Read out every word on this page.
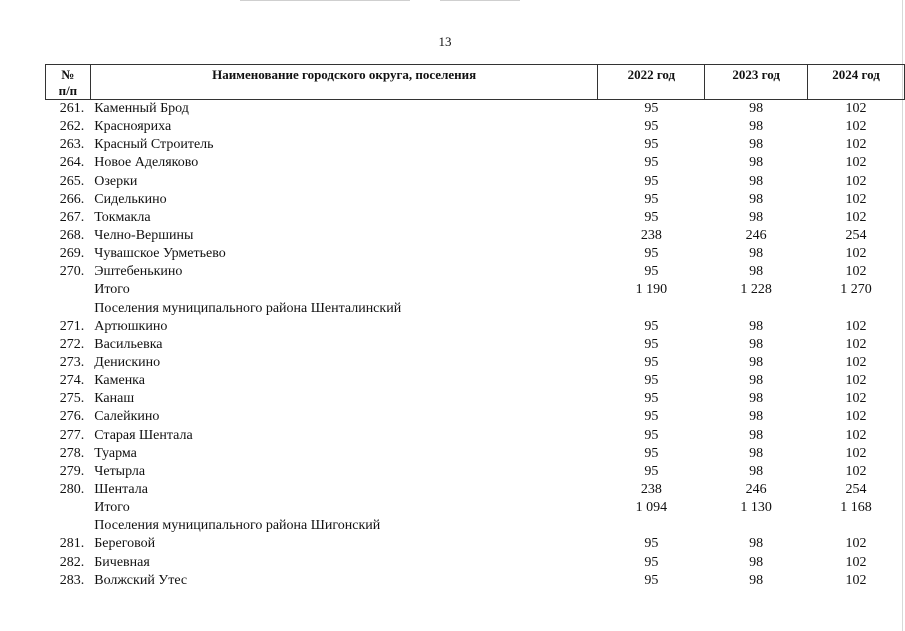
13
№
п/п	Наименование городского округа, поселения	2022 год	2023 год	2024 год
261.	Каменный Брод	95	98	102
262.	Краснояриха	95	98	102
263.	Красный Строитель	95	98	102
264.	Новое Аделяково	95	98	102
265.	Озерки	95	98	102
266.	Сиделькино	95	98	102
267.	Токмакла	95	98	102
268.	Челно-Вершины	238	246	254
269.	Чувашское Урметьево	95	98	102
270.	Эштебенькино	95	98	102
	Итого	1 190	1 228	1 270
	Поселения муниципального района Шенталинский			
271.	Артюшкино	95	98	102
272.	Васильевка	95	98	102
273.	Денискино	95	98	102
274.	Каменка	95	98	102
275.	Канаш	95	98	102
276.	Салейкино	95	98	102
277.	Старая Шентала	95	98	102
278.	Туарма	95	98	102
279.	Четырла	95	98	102
280.	Шентала	238	246	254
	Итого	1 094	1 130	1 168
	Поселения муниципального района Шигонский			
281.	Береговой	95	98	102
282.	Бичевная	95	98	102
283.	Волжский Утес	95	98	102
